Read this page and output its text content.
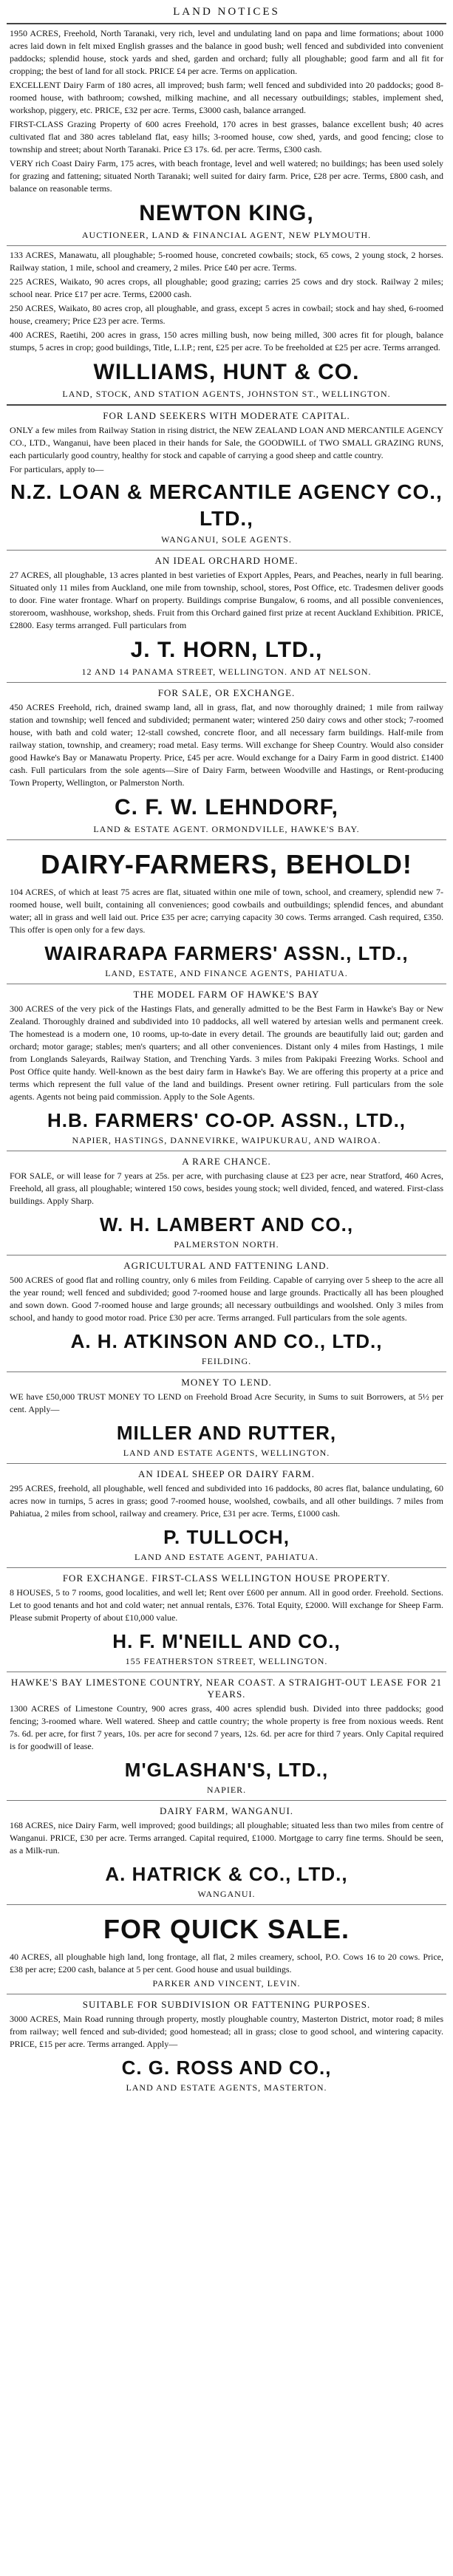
LAND NOTICES

1950 ACRES, Freehold, North Taranaki, very rich, level and undulating land on papa and lime formations; about 1000 acres laid down in felt mixed English grasses and the balance in good bush; well fenced and subdivided into convenient paddocks; splendid house, stock yards and shed, garden and orchard; fully all ploughable; good farm and all fit for cropping; the best of land for all stock. PRICE £4 per acre. Terms on application.

EXCELLENT Dairy Farm of 180 acres, all improved; bush farm; well fenced and subdivided into 20 paddocks; good 8-roomed house, with bathroom; cowshed, milking machine, and all necessary outbuildings; stables, implement shed, workshop, piggery, etc. PRICE, £32 per acre. Terms, £3000 cash, balance arranged.

FIRST-CLASS Grazing Property of 600 acres Freehold, 170 acres in best grasses, balance excellent bush; 40 acres cultivated flat and 380 acres tableland flat, easy hills; 3-roomed house, cow shed, yards, and good fencing; close to township and street; about North Taranaki. Price £3 17s. 6d. per acre. Terms, £300 cash.

VERY rich Coast Dairy Farm, 175 acres, with beach frontage, level and well watered; no buildings; has been used solely for grazing and fattening; situated North Taranaki; well suited for dairy farm. Price, £28 per acre. Terms, £800 cash, and balance on reasonable terms.

NEWTON KING,
AUCTIONEER, LAND & FINANCIAL AGENT, NEW PLYMOUTH.

133 ACRES, Manawatu, all ploughable; 5-roomed house, concreted cowbails; stock, 65 cows, 2 young stock, 2 horses. Railway station, 1 mile, school and creamery, 2 miles. Price £40 per acre. Terms.

225 ACRES, Waikato, 90 acres crops, all ploughable; good grazing; carries 25 cows and dry stock. Railway 2 miles; school near. Price £17 per acre. Terms, £2000 cash.

250 ACRES, Waikato, 80 acres crop, all ploughable, and grass, except 5 acres in cowbail; stock and hay shed, 6-roomed house, creamery; Price £23 per acre. Terms.

400 ACRES, Raetihi, 200 acres in grass, 150 acres milling bush, now being milled, 300 acres fit for plough, balance stumps, 5 acres in crop; good buildings, Title, L.I.P.; rent, £25 per acre. To be freeholded at £25 per acre. Terms arranged.

WILLIAMS, HUNT & CO.
LAND, STOCK, AND STATION AGENTS, JOHNSTON ST., WELLINGTON.
FOR LAND SEEKERS WITH MODERATE CAPITAL.

ONLY a few miles from Railway Station in rising district, the NEW ZEALAND LOAN AND MERCANTILE AGENCY CO., LTD., Wanganui, have been placed in their hands for Sale, the GOODWILL of TWO SMALL GRAZING RUNS, each particularly good country, healthy for stock and capable of carrying a good sheep and cattle country.

For particulars, apply to—

N.Z. LOAN & MERCANTILE AGENCY CO., LTD.,
WANGANUI, SOLE AGENTS.
AN IDEAL ORCHARD HOME.

27 ACRES, all ploughable, 13 acres planted in best varieties of Export Apples, Pears, and Peaches, nearly in full bearing. Situated only 11 miles from Auckland, one mile from township, school, stores, Post Office, etc. Tradesmen deliver goods to door. Fine water frontage. Wharf on property. Buildings comprise Bungalow, 6 rooms, and all possible conveniences, storeroom, washhouse, workshop, sheds. Fruit from this Orchard gained first prize at recent Auckland Exhibition. PRICE, £2800. Easy terms arranged. Full particulars from

J. T. HORN, LTD.,
12 AND 14 PANAMA STREET, WELLINGTON. AND AT NELSON.
FOR SALE, OR EXCHANGE.

450 ACRES Freehold, rich, drained swamp land, all in grass, flat, and now thoroughly drained; 1 mile from railway station and township; well fenced and subdivided; permanent water; wintered 250 dairy cows and other stock; 7-roomed house, with bath and cold water; 12-stall cowshed, concrete floor, and all necessary farm buildings. Half-mile from railway station, township, and creamery; road metal. Easy terms. Will exchange for Sheep Country. Would also consider good Hawke's Bay or Manawatu Property. Price, £45 per acre. Would exchange for a Dairy Farm in good district. £1400 cash. Full particulars from the sole agents—Sire of Dairy Farm, between Woodville and Hastings, or Rent-producing Town Property, Wellington, or Palmerston North.

C. F. W. LEHNDORF,
LAND & ESTATE AGENT. ORMONDVILLE, HAWKE'S BAY.
DAIRY-FARMERS, BEHOLD!

104 ACRES, of which at least 75 acres are flat, situated within one mile of town, school, and creamery, splendid new 7-roomed house, well built, containing all conveniences; good cowbails and outbuildings; splendid fences, and abundant water; all in grass and well laid out. Price £35 per acre; carrying capacity 30 cows. Terms arranged. Cash required, £350. This offer is open only for a few days.

WAIRARAPA FARMERS' ASSN., LTD.,
LAND, ESTATE, AND FINANCE AGENTS, PAHIATUA.
THE MODEL FARM OF HAWKE'S BAY

300 ACRES of the very pick of the Hastings Flats, and generally admitted to be the Best Farm in Hawke's Bay or New Zealand. Thoroughly drained and subdivided into 10 paddocks, all well watered by artesian wells and permanent creek. The homestead is a modern one, 10 rooms, up-to-date in every detail. The grounds are beautifully laid out; garden and orchard; motor garage; stables; men's quarters; and all other conveniences. Distant only 4 miles from Hastings, 1 mile from Longlands Saleyards, Railway Station, and Trenching Yards. 3 miles from Pakipaki Freezing Works. School and Post Office quite handy. Well-known as the best dairy farm in Hawke's Bay. We are offering this property at a price and terms which represent the full value of the land and buildings. Present owner retiring. Full particulars from the sole agents. Agents not being paid commission. Apply to the Sole Agents.

H.B. FARMERS' CO-OP. ASSN., LTD.,
NAPIER, HASTINGS, DANNEVIRKE, WAIPUKURAU, AND WAIROA.
A RARE CHANCE.

FOR SALE, or will lease for 7 years at 25s. per acre, with purchasing clause at £23 per acre, near Stratford, 460 Acres, Freehold, all grass, all ploughable; wintered 150 cows, besides young stock; well divided, fenced, and watered. First-class buildings. Apply Sharp.

W. H. LAMBERT AND CO.,
PALMERSTON NORTH.
AGRICULTURAL AND FATTENING LAND.

500 ACRES of good flat and rolling country, only 6 miles from Feilding. Capable of carrying over 5 sheep to the acre all the year round; well fenced and subdivided; good 7-roomed house and large grounds. Practically all has been ploughed and sown down. Good 7-roomed house and large grounds; all necessary outbuildings and woolshed. Only 3 miles from school, and handy to good motor road. Price £30 per acre. Terms arranged. Full particulars from the sole agents.

A. H. ATKINSON AND CO., LTD.,
FEILDING.
MONEY TO LEND.

WE have £50,000 TRUST MONEY TO LEND on Freehold Broad Acre Security, in Sums to suit Borrowers, at 5½ per cent. Apply—

MILLER AND RUTTER,
LAND AND ESTATE AGENTS, WELLINGTON.
AN IDEAL SHEEP OR DAIRY FARM.

295 ACRES, freehold, all ploughable, well fenced and subdivided into 16 paddocks, 80 acres flat, balance undulating, 60 acres now in turnips, 5 acres in grass; good 7-roomed house, woolshed, cowbails, and all other buildings. 7 miles from Pahiatua, 2 miles from school, railway and creamery. Price, £31 per acre. Terms, £1000 cash.

P. TULLOCH,
LAND AND ESTATE AGENT, PAHIATUA.
FOR EXCHANGE. FIRST-CLASS WELLINGTON HOUSE PROPERTY.

8 HOUSES, 5 to 7 rooms, good localities, and well let; Rent over £600 per annum. All in good order. Freehold. Sections. Let to good tenants and hot and cold water; net annual rentals, £376. Total Equity, £2000. Will exchange for Sheep Farm. Please submit Property of about £10,000 value.

H. F. M'NEILL AND CO.,
155 FEATHERSTON STREET, WELLINGTON.
HAWKE'S BAY LIMESTONE COUNTRY, NEAR COAST. A STRAIGHT-OUT LEASE FOR 21 YEARS.

1300 ACRES of Limestone Country, 900 acres grass, 400 acres splendid bush. Divided into three paddocks; good fencing; 3-roomed whare. Well watered. Sheep and cattle country; the whole property is free from noxious weeds. Rent 7s. 6d. per acre, for first 7 years, 10s. per acre for second 7 years, 12s. 6d. per acre for third 7 years. Only Capital required is for goodwill of lease.

M'GLASHAN'S, LTD.,
NAPIER.
DAIRY FARM, WANGANUI.

168 ACRES, nice Dairy Farm, well improved; good buildings; all ploughable; situated less than two miles from centre of Wanganui. PRICE, £30 per acre. Terms arranged. Capital required, £1000. Mortgage to carry fine terms. Should be seen, as a Milk-run.

A. HATRICK & CO., LTD.,
WANGANUI.
FOR QUICK SALE.

40 ACRES, all ploughable high land, long frontage, all flat, 2 miles creamery, school, P.O. Cows 16 to 20 cows. Price, £38 per acre; £200 cash, balance at 5 per cent. Good house and usual buildings.

PARKER AND VINCENT, LEVIN.
SUITABLE FOR SUBDIVISION OR FATTENING PURPOSES.

3000 ACRES, Main Road running through property, mostly ploughable country, Masterton District, motor road; 8 miles from railway; well fenced and sub-divided; good homestead; all in grass; close to good school, and wintering capacity. PRICE, £15 per acre. Terms arranged. Apply—

C. G. ROSS AND CO.,
LAND AND ESTATE AGENTS, MASTERTON.
